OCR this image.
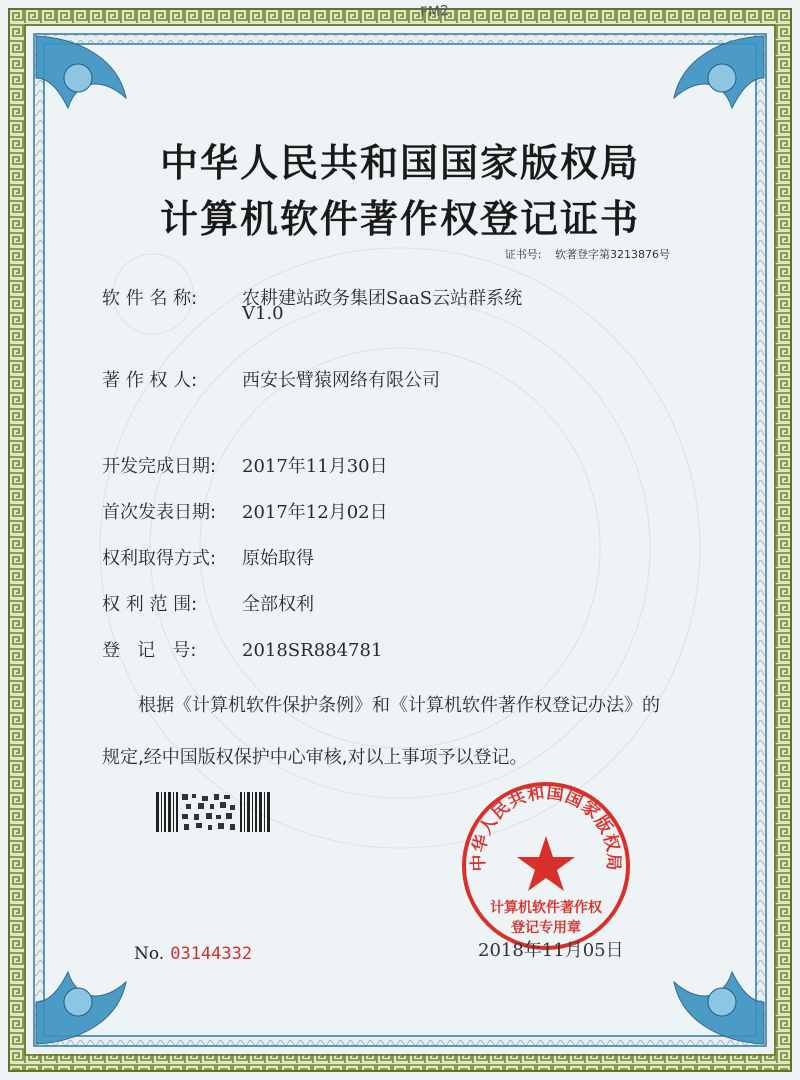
FM2
中华人民共和国国家版权局
计算机软件著作权登记证书
证书号: 软著登字第3213876号
软 件 名 称: 农耕建站政务集团SaaS云站群系统
V1.0
著 作 权 人: 西安长臂猿网络有限公司
开发完成日期: 2017年11月30日
首次发表日期: 2017年12月02日
权利取得方式: 原始取得
权 利 范 围: 全部权利
登   记   号:	2018SR884781
根据《计算机软件保护条例》和《计算机软件著作权登记办法》的
规定,经中国版权保护中心审核,对以上事项予以登记。
No. 03144332
中华人民共和国国家版权局
计算机软件著作权
登记专用章
2018年11月05日
